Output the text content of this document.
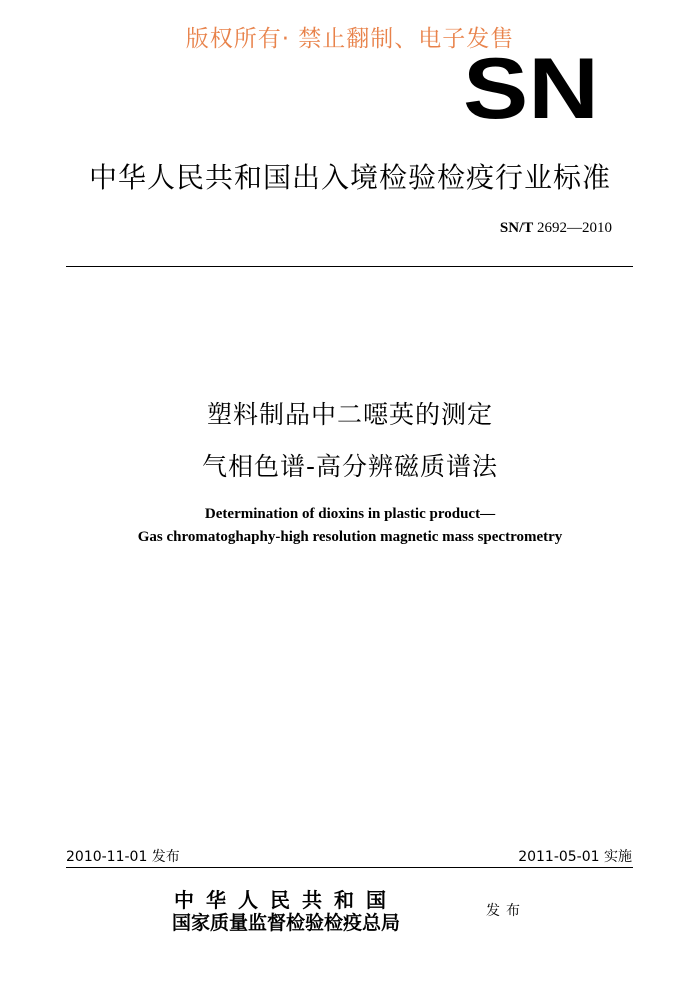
版权所有· 禁止翻制、电子发售
SN
中华人民共和国出入境检验检疫行业标准
SN/T 2692—2010
塑料制品中二噁英的测定
气相色谱-高分辨磁质谱法
Determination of dioxins in plastic product—
Gas chromatoghaphy-high resolution magnetic mass spectrometry
2010-11-01 发布	2011-05-01 实施
中华人民共和国
国家质量监督检验检疫总局
发布
